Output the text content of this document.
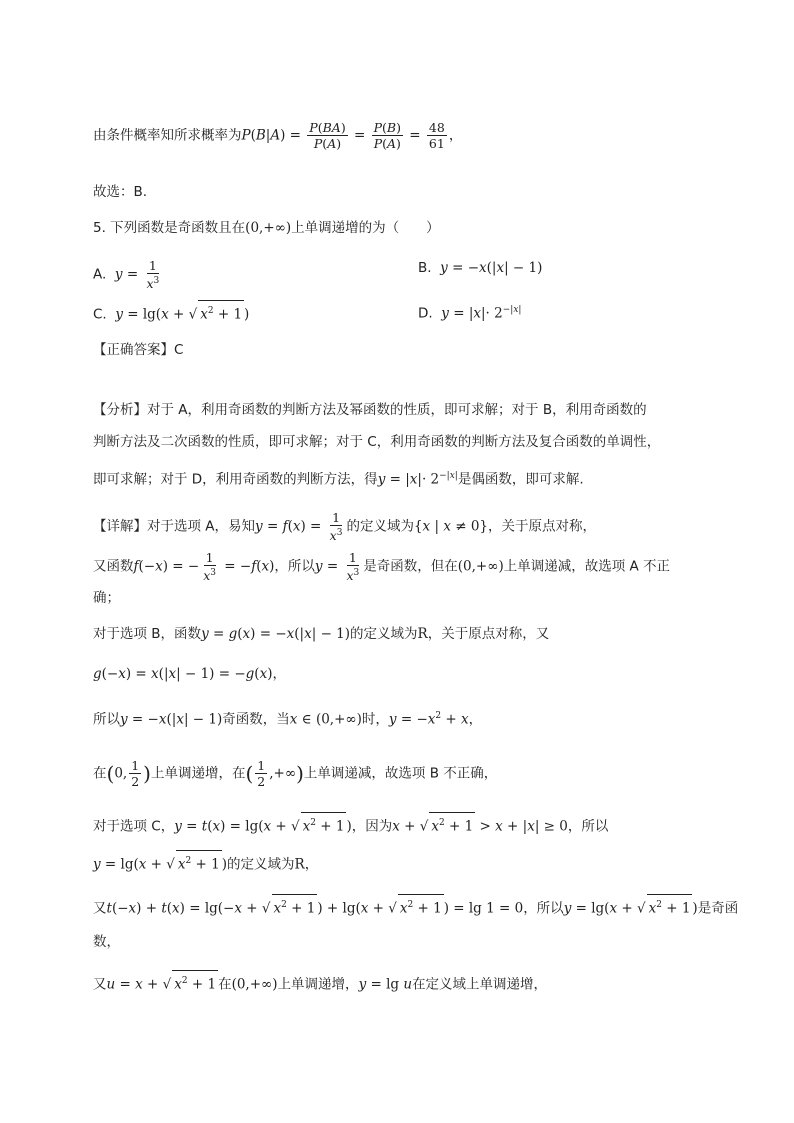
由条件概率知所求概率为$P(B|A) = \frac{P(BA)}{P(A)} = \frac{P(B)}{P(A)} = \frac{48}{61}$ ，
故选：B.
5. 下列函数是奇函数且在(0,+∞)上单调递增的为（　　）
A. $y = \frac{1}{x^3}$	B. y = −x(|x| − 1)
C. y = lg(x + √ $x^2 + 1$ )	D. $y = |x|\cdot 2^{-|x|}$
【正确答案】C
【分析】对于 A，利用奇函数的判断方法及幂函数的性质，即可求解；对于 B，利用奇函数的
判断方法及二次函数的性质，即可求解；对于 C，利用奇函数的判断方法及复合函数的单调性，
即可求解；对于 D，利用奇函数的判断方法，得$y = |x|\cdot 2^{-|x|}$是偶函数，即可求解.
【详解】对于选项 A，易知$y = f(x) = \frac{1}{x^3}$ 的定义域为{x | x ≠ 0}，关于原点对称，
又函数f(−x) = − $\frac{1}{x^3} = -f(x)$，所以$y = \frac{1}{x^3}$ 是奇函数，但在(0,+∞)上单调递减，故选项 A 不正
确；
对于选项 B，函数y = g(x) = −x(|x| − 1)的定义域为R，关于原点对称，又
g(−x) = x(|x| − 1) = −g(x)，
所以y = −x(|x| − 1)奇函数，当x ∈ (0,+∞)时，$y = -x^2 + x$，
在(0, $\frac{1}{2}$ )上单调递增，在( $\frac{1}{2}$ ,+∞)上单调递减，故选项 B 不正确，
对于选项 C，y = t(x) = lg(x + √ $x^2 + 1$ )，因为x + √ $x^2 + 1 > x + |x| \ge 0$，所以
y = lg(x + √ $x^2 + 1$ )的定义域为R，
又t(−x) + t(x) = lg(−x + √ $x^2 + 1$ ) + lg(x + √ $x^2 + 1$ ) = lg 1 = 0，所以y = lg(x + √ $x^2 + 1$ )是奇函
数，
又u = x + √ $x^2 + 1$ 在(0,+∞)上单调递增，y = lg u在定义域上单调递增，
